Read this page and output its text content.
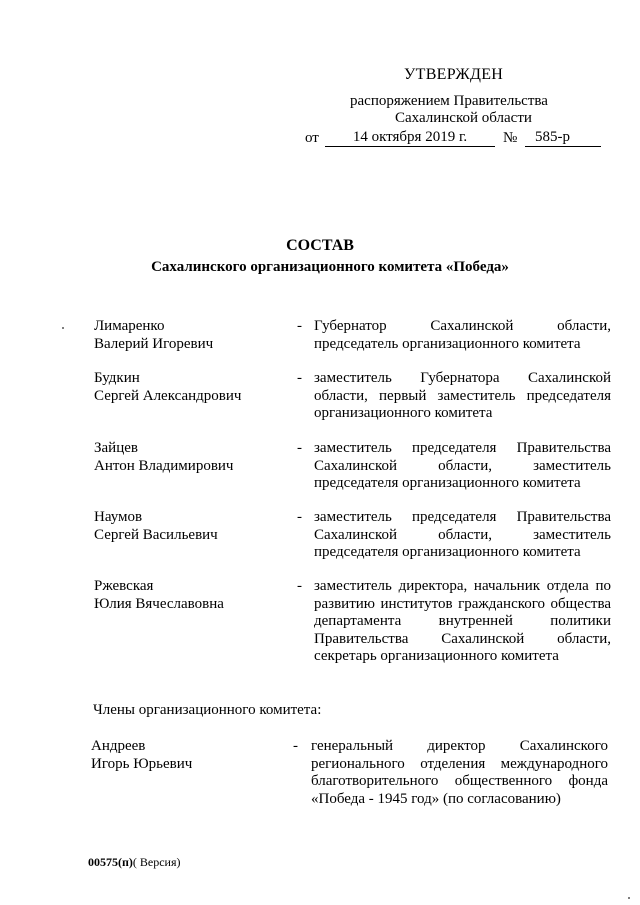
УТВЕРЖДЕН
распоряжением Правительства
Сахалинской области
от	14 октября 2019 г.	№	585-р
СОСТАВ
Сахалинского организационного комитета «Победа»
Лимаренко
Валерий Игоревич
- Губернатор Сахалинской области, председатель организационного комитета
Будкин
Сергей Александрович
- заместитель Губернатора Сахалинской области, первый заместитель председателя организационного комитета
Зайцев
Антон Владимирович
- заместитель председателя Правительства Сахалинской области, заместитель председателя организационного комитета
Наумов
Сергей Васильевич
- заместитель председателя Правительства Сахалинской области, заместитель председателя организационного комитета
Ржевская
Юлия Вячеславовна
- заместитель директора, начальник отдела по развитию институтов гражданского общества департамента внутренней политики Правительства Сахалинской области, секретарь организационного комитета
Члены организационного комитета:
Андреев
Игорь Юрьевич
- генеральный директор Сахалинского регионального отделения международного благотворительного общественного фонда «Победа - 1945 год» (по согласованию)
00575(п)( Версия)
